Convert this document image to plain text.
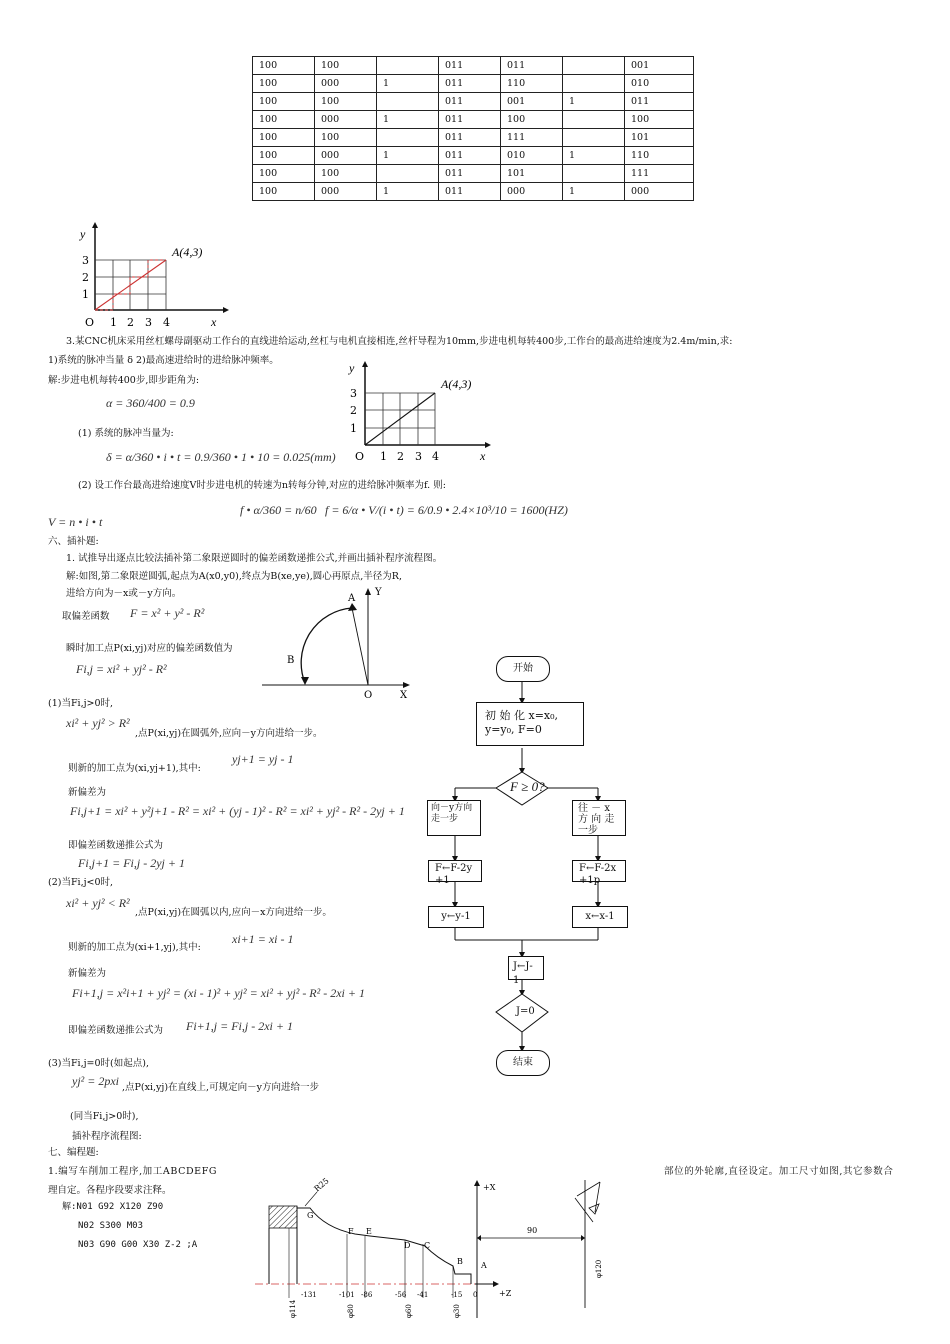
100	100		011	011		001
100	000	1	011	110		010
100	100		011	001	1	011
100	000	1	011	100		100
100	100		011	111		101
100	000	1	011	010	1	110
100	100		011	101		111
100	000	1	011	000	1	000
y
x
A(4,3)
3
2
1
O 1 2 3 4
3.某CNC机床采用丝杠螺母副驱动工作台的直线进给运动,丝杠与电机直接相连,丝杆导程为10mm,步进电机每转400步,工作台的最高进给速度为2.4m/min,求:
1)系统的脉冲当量 δ 2)最高速进给时的进给脉冲频率。
解:步进电机每转400步,即步距角为:
y
x
A(4,3)
3
2
1
O 1 2 3 4
α = 360/400 = 0.9
(1) 系统的脉冲当量为:
δ = α/360 • i • t = 0.9/360 • 1 • 10 = 0.025(mm)
(2) 设工作台最高进给速度V时步进电机的转速为n转每分钟,对应的进给脉冲频率为f. 则:
f • α/360 = n/60 f = 6/α • V/(i • t) = 6/0.9 • 2.4×10³/10 = 1600(HZ)
V = n • i • t
六、插补题:
1. 试推导出逐点比较法插补第二象限逆圆时的偏差函数递推公式,并画出插补程序流程图。
解:如图,第二象限逆圆弧,起点为A(x0,y0),终点为B(xe,ye),圆心再原点,半径为R,
进给方向为－x或－y方向。
取偏差函数 F = x² + y² - R²
A
B
O	X
Y
瞬时加工点P(xi,yj)对应的偏差函数值为
Fi,j = xi² + yj² - R²
(1)当Fi,j>0时,
xi² + yj² > R²
,点P(xi,yj)在圆弧外,应向－y方向进给一步。
则新的加工点为(xi,yj+1),其中:
yj+1 = yj - 1
新偏差为
Fi,j+1 = xi² + y²j+1 - R² = xi² + (yj - 1)² - R² = xi² + yj² - R² - 2yj + 1
即偏差函数递推公式为
Fi,j+1 = Fi,j - 2yj + 1
(2)当Fi,j<0时,
xi² + yj² < R²
,点P(xi,yj)在圆弧以内,应向－x方向进给一步。
则新的加工点为(xi+1,yj),其中:
xi+1 = xi - 1
新偏差为
Fi+1,j = x²i+1 + yj² = (xi - 1)² + yj² = xi² + yj² - R² - 2xi + 1
即偏差函数递推公式为 Fi+1,j = Fi,j - 2xi + 1
(3)当Fi,j=0时(如起点),
yj² = 2pxi ,点P(xi,yj)在直线上,可规定向－y方向进给一步
(同当Fi,j>0时),
插补程序流程图:
开始
初 始 化 x=x₀,
y=y₀, F=0
F ≥ 0?
向－y方向走一步
往 － x 方 向 走 一步
F←F-2y+1
F←F-2x+1p
y←y-1	x←x-1
J←J-1
J=0
结束
七、编程题:
1.编写车削加工程序,加工ABCDEFG	部位的外轮廓,直径设定。加工尺寸如图,其它参数合
理自定。各程序段要求注释。
解:N01 G92 X120 Z90
N02 S300 M03
N03 G90 G00 X30 Z-2 ;A
G
F E
D C
B A
R25
-131	-101 -86	-56 -41	-15 0
φ114	φ80	φ60	φ30
φ120
+X
+Z
90
